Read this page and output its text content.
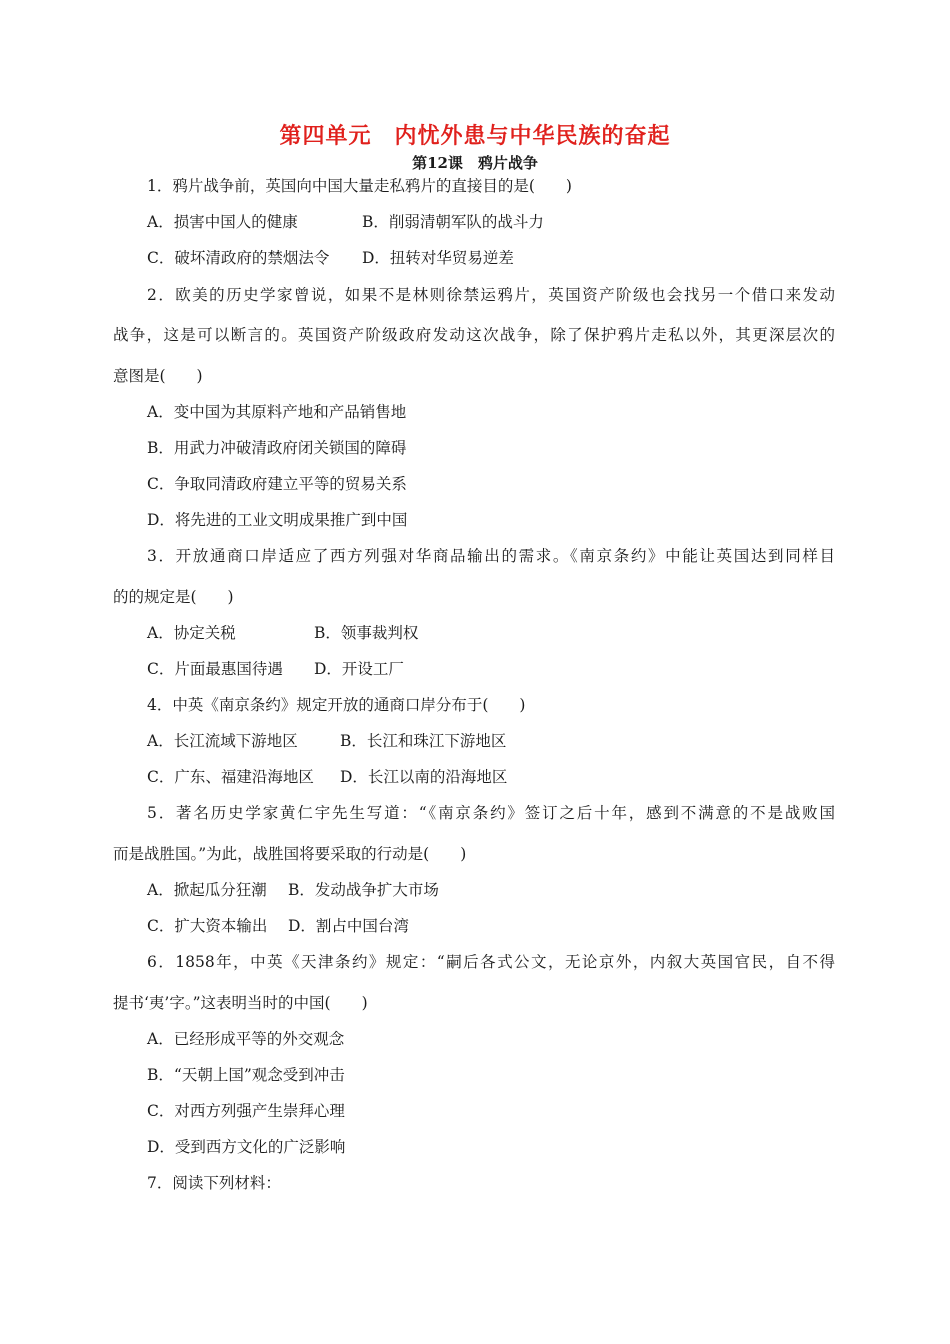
第四单元　内忧外患与中华民族的奋起
第12课　鸦片战争
1．鸦片战争前，英国向中国大量走私鸦片的直接目的是(　　)
A．损害中国人的健康	B．削弱清朝军队的战斗力
C．破坏清政府的禁烟法令 D．扭转对华贸易逆差
2．欧美的历史学家曾说，如果不是林则徐禁运鸦片，英国资产阶级也会找另一个借口来发动
战争，这是可以断言的。英国资产阶级政府发动这次战争，除了保护鸦片走私以外，其更深层次的
意图是(　　)
A．变中国为其原料产地和产品销售地
B．用武力冲破清政府闭关锁国的障碍
C．争取同清政府建立平等的贸易关系
D．将先进的工业文明成果推广到中国
3．开放通商口岸适应了西方列强对华商品输出的需求。《南京条约》中能让英国达到同样目
的的规定是(　　)
A．协定关税	B．领事裁判权
C．片面最惠国待遇 D．开设工厂
4．中英《南京条约》规定开放的通商口岸分布于(　　)
A．长江流域下游地区	B．长江和珠江下游地区
C．广东、福建沿海地区 D．长江以南的沿海地区
5．著名历史学家黄仁宇先生写道：“《南京条约》签订之后十年，感到不满意的不是战败国
而是战胜国。”为此，战胜国将要采取的行动是(　　)
A．掀起瓜分狂潮 B．发动战争扩大市场
C．扩大资本输出 D．割占中国台湾
6．1858年，中英《天津条约》规定：“嗣后各式公文，无论京外，内叙大英国官民，自不得
提书‘夷’字。”这表明当时的中国(　　)
A．已经形成平等的外交观念
B．“天朝上国”观念受到冲击
C．对西方列强产生崇拜心理
D．受到西方文化的广泛影响
7．阅读下列材料：
